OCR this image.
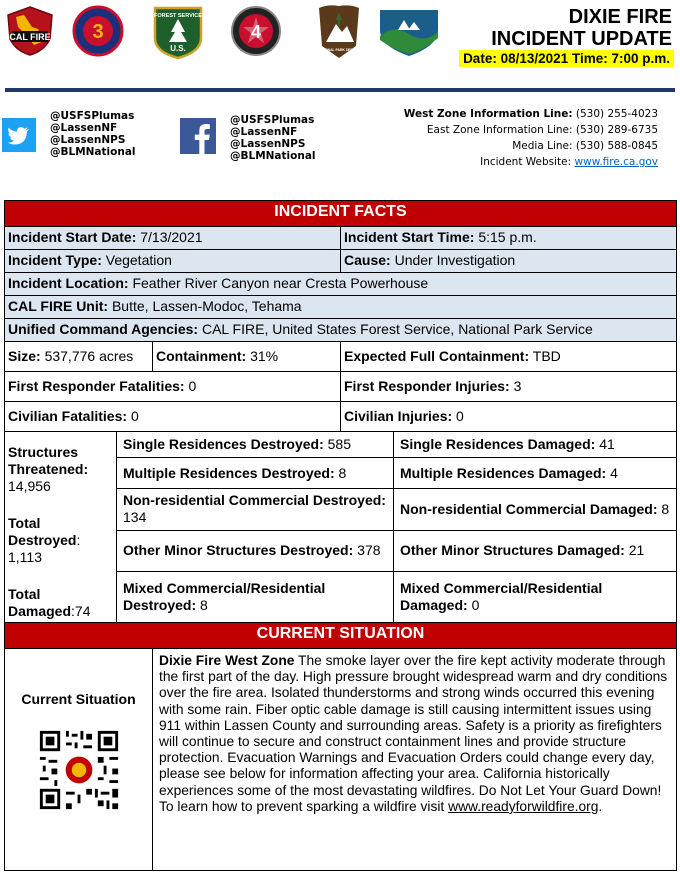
CAL FIRE 3
FOREST SERVICE
U.S.
4
NATIONAL PARK SERVICE
DIXIE FIRE
INCIDENT UPDATE
Date: 08/13/2021 Time: 7:00 p.m.
@USFSPlumas
@LassenNF
@LassenNPS
@BLMNational
@USFSPlumas
@LassenNF
@LassenNPS
@BLMNational
West Zone Information Line: (530) 255-4023
East Zone Information Line: (530) 289-6735
Media Line: (530) 588-0845
Incident Website: www.fire.ca.gov
INCIDENT FACTS				
Incident Start Date: 7/13/2021			Incident Start Time: 5:15 p.m.	
Incident Type: Vegetation			Cause: Under Investigation	
Incident Location: Feather River Canyon near Cresta Powerhouse				
CAL FIRE Unit: Butte, Lassen-Modoc, Tehama				
Unified Command Agencies: CAL FIRE, United States Forest Service, National Park Service				
Size: 537,776 acres		Containment: 31%	Expected Full Containment: TBD	
First Responder Fatalities: 0			First Responder Injuries: 3	
Civilian Fatalities: 0			Civilian Injuries: 0	

Structures Threatened:
14,956
Total Destroyed:
1,113
Total Damaged:74	Single Residences Destroyed: 585			Single Residences Damaged: 41
	Multiple Residences Destroyed: 8			Multiple Residences Damaged: 4
	Non-residential Commercial Destroyed: 134			Non-residential Commercial Damaged: 8
	Other Minor Structures Destroyed: 378			Other Minor Structures Damaged: 21
	Mixed Commercial/Residential Destroyed: 8			Mixed Commercial/Residential Damaged: 0
CURRENT SITUATION				

Current Situation		Dixie Fire West Zone The smoke layer over the fire kept activity moderate through the first part of the day. High pressure brought widespread warm and dry conditions over the fire area. Isolated thunderstorms and strong winds occurred this evening with some rain. Fiber optic cable damage is still causing intermittent issues using 911 within Lassen County and surrounding areas. Safety is a priority as firefighters will continue to secure and construct containment lines and provide structure protection. Evacuation Warnings and Evacuation Orders could change every day, please see below for information affecting your area. California historically experiences some of the most devastating wildfires. Do Not Let Your Guard Down! To learn how to prevent sparking a wildfire visit www.readyforwildfire.org.		
